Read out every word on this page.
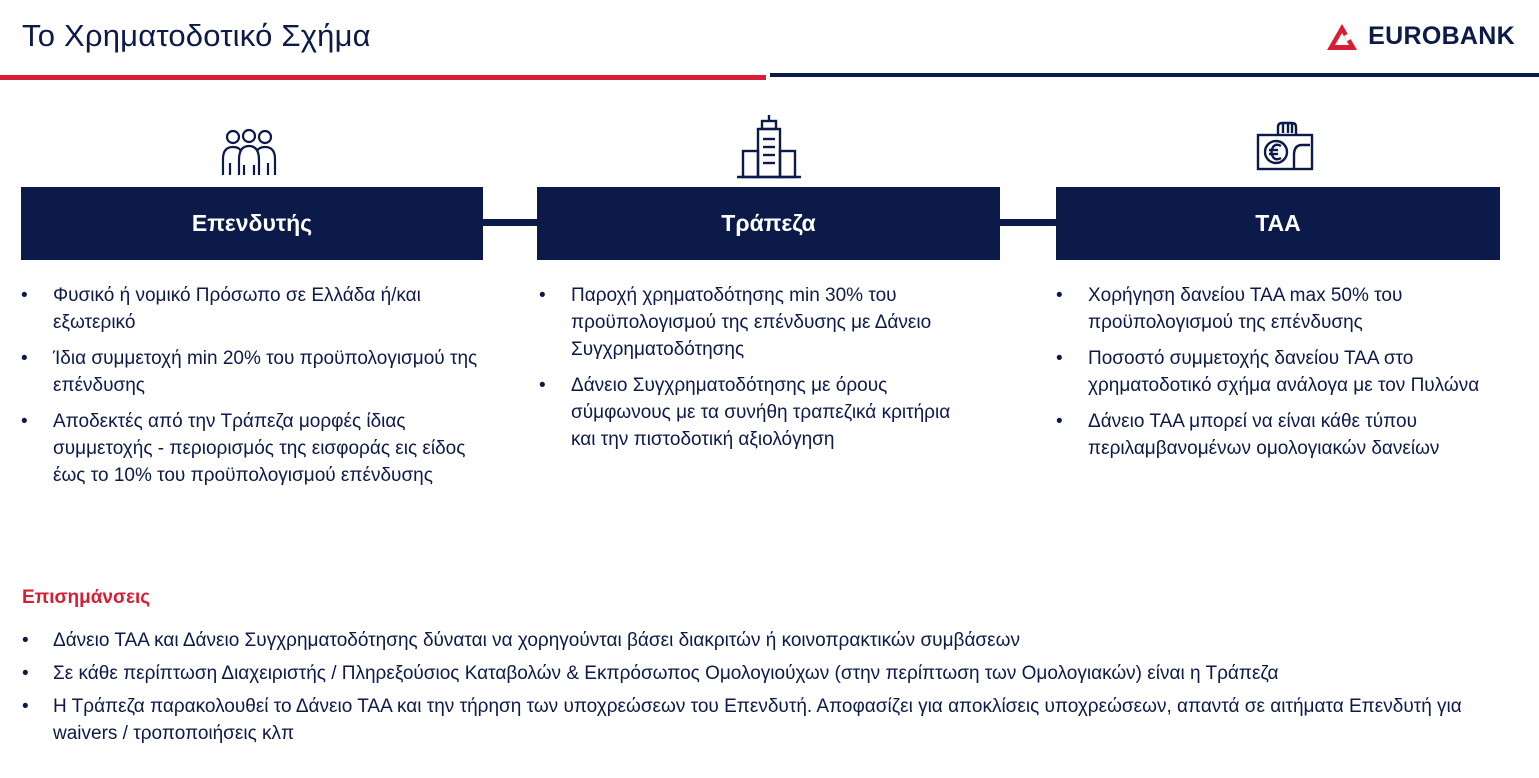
Το Χρηματοδοτικό Σχήμα	EUROBANK
Επενδυτής	Τράπεζα	ΤΑΑ
• Φυσικό ή νομικό Πρόσωπο σε Ελλάδα ή/και εξωτερικό
• Ίδια συμμετοχή min 20% του προϋπολογισμού της επένδυσης
• Αποδεκτές από την Τράπεζα μορφές ίδιας συμμετοχής - περιορισμός της εισφοράς εις είδος έως το 10% του προϋπολογισμού επένδυσης
• Παροχή χρηματοδότησης min 30% του προϋπολογισμού της επένδυσης με Δάνειο Συγχρηματοδότησης
• Δάνειο Συγχρηματοδότησης με όρους σύμφωνους με τα συνήθη τραπεζικά κριτήρια και την πιστοδοτική αξιολόγηση
• Χορήγηση δανείου ΤΑΑ max 50% του προϋπολογισμού της επένδυσης
• Ποσοστό συμμετοχής δανείου ΤΑΑ στο χρηματοδοτικό σχήμα ανάλογα με τον Πυλώνα
• Δάνειο ΤΑΑ μπορεί να είναι κάθε τύπου περιλαμβανομένων ομολογιακών δανείων
Επισημάνσεις
• Δάνειο ΤΑΑ και Δάνειο Συγχρηματοδότησης δύναται να χορηγούνται βάσει διακριτών ή κοινοπρακτικών συμβάσεων
• Σε κάθε περίπτωση Διαχειριστής / Πληρεξούσιος Καταβολών & Εκπρόσωπος Ομολογιούχων (στην περίπτωση των Ομολογιακών) είναι η Τράπεζα
• Η Τράπεζα παρακολουθεί το Δάνειο ΤΑΑ και την τήρηση των υποχρεώσεων του Επενδυτή. Αποφασίζει για αποκλίσεις υποχρεώσεων, απαντά σε αιτήματα Επενδυτή για waivers / τροποποιήσεις κλπ
